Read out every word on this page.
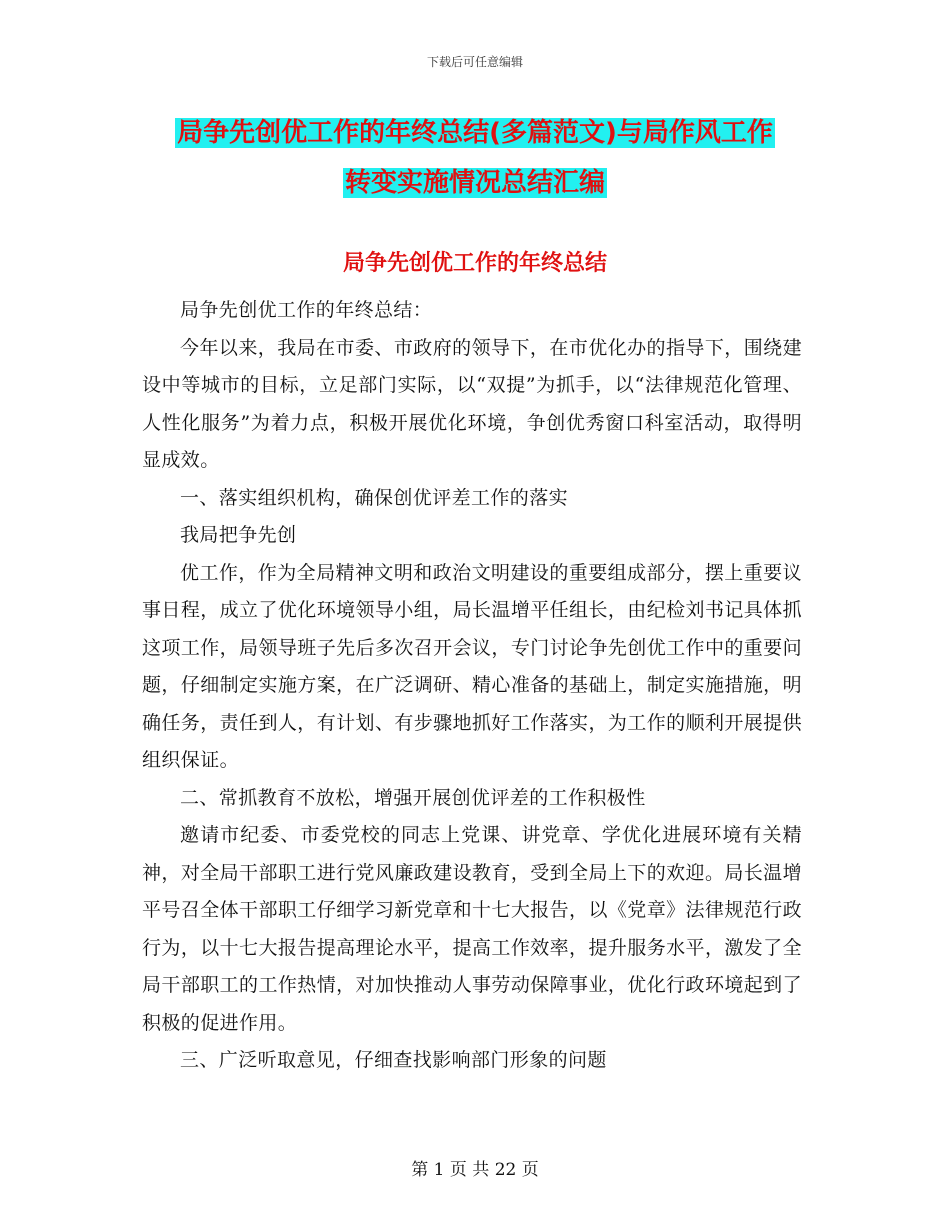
下载后可任意编辑
局争先创优工作的年终总结(多篇范文)与局作风工作
转变实施情况总结汇编
局争先创优工作的年终总结

局争先创优工作的年终总结：

今年以来，我局在市委、市政府的领导下，在市优化办的指导下，围绕建设中等城市的目标，立足部门实际，以“双提”为抓手，以“法律规范化管理、人性化服务”为着力点，积极开展优化环境，争创优秀窗口科室活动，取得明显成效。

一、落实组织机构，确保创优评差工作的落实

我局把争先创

优工作，作为全局精神文明和政治文明建设的重要组成部分，摆上重要议事日程，成立了优化环境领导小组，局长温增平任组长，由纪检刘书记具体抓这项工作，局领导班子先后多次召开会议，专门讨论争先创优工作中的重要问题，仔细制定实施方案，在广泛调研、精心准备的基础上，制定实施措施，明确任务，责任到人，有计划、有步骤地抓好工作落实，为工作的顺利开展提供组织保证。

二、常抓教育不放松，增强开展创优评差的工作积极性

邀请市纪委、市委党校的同志上党课、讲党章、学优化进展环境有关精神，对全局干部职工进行党风廉政建设教育，受到全局上下的欢迎。局长温增平号召全体干部职工仔细学习新党章和十七大报告，以《党章》法律规范行政行为，以十七大报告提高理论水平，提高工作效率，提升服务水平，激发了全局干部职工的工作热情，对加快推动人事劳动保障事业，优化行政环境起到了积极的促进作用。

三、广泛听取意见，仔细查找影响部门形象的问题

第 1 页 共 22 页
